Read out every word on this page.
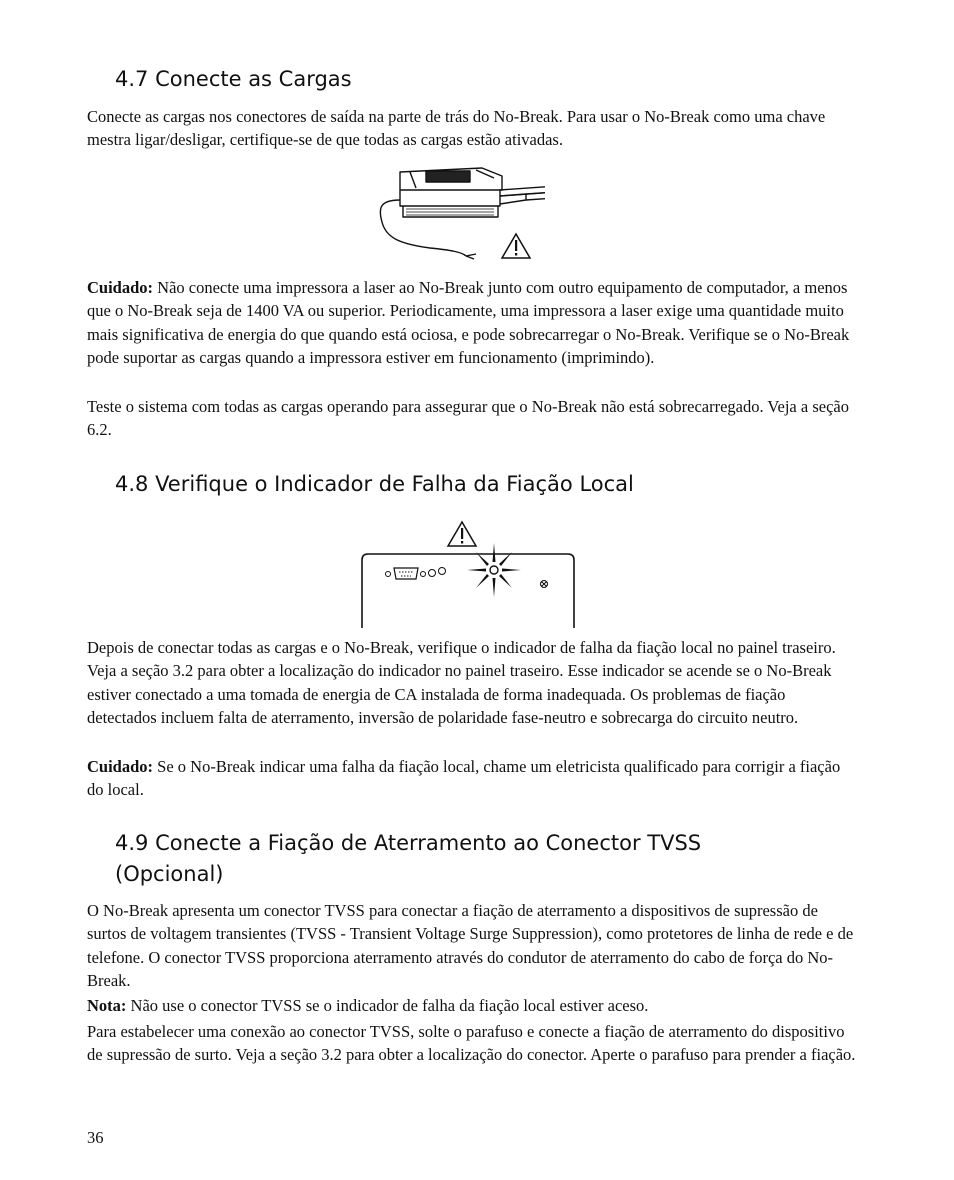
4.7 Conecte as Cargas

Conecte as cargas nos conectores de saída na parte de trás do No-Break. Para usar o No-Break como uma chave mestra ligar/desligar, certifique-se de que todas as cargas estão ativadas.

Cuidado: Não conecte uma impressora a laser ao No-Break junto com outro equipamento de computador, a menos que o No-Break seja de 1400 VA ou superior. Periodicamente, uma impressora a laser exige uma quantidade muito mais significativa de energia do que quando está ociosa, e pode sobrecarregar o No-Break. Verifique se o No-Break pode suportar as cargas quando a impressora estiver em funcionamento (imprimindo).

Teste o sistema com todas as cargas operando para assegurar que o No-Break não está sobrecarregado. Veja a seção 6.2.

4.8 Verifique o Indicador de Falha da Fiação Local

Depois de conectar todas as cargas e o No-Break, verifique o indicador de falha da fiação local no painel traseiro. Veja a seção 3.2 para obter a localização do indicador no painel traseiro. Esse indicador se acende se o No-Break estiver conectado a uma tomada de energia de CA instalada de forma inadequada. Os problemas de fiação detectados incluem falta de aterramento, inversão de polaridade fase-neutro e sobrecarga do circuito neutro.

Cuidado: Se o No-Break indicar uma falha da fiação local, chame um eletricista qualificado para corrigir a fiação do local.

4.9 Conecte a Fiação de Aterramento ao Conector TVSS
(Opcional)

O No-Break apresenta um conector TVSS para conectar a fiação de aterramento a dispositivos de supressão de surtos de voltagem transientes (TVSS - Transient Voltage Surge Suppression), como protetores de linha de rede e de telefone. O conector TVSS proporciona aterramento através do condutor de aterramento do cabo de força do No-Break.

Nota: Não use o conector TVSS se o indicador de falha da fiação local estiver aceso.

Para estabelecer uma conexão ao conector TVSS, solte o parafuso e conecte a fiação de aterramento do dispositivo de supressão de surto. Veja a seção 3.2 para obter a localização do conector. Aperte o parafuso para prender a fiação.

36
